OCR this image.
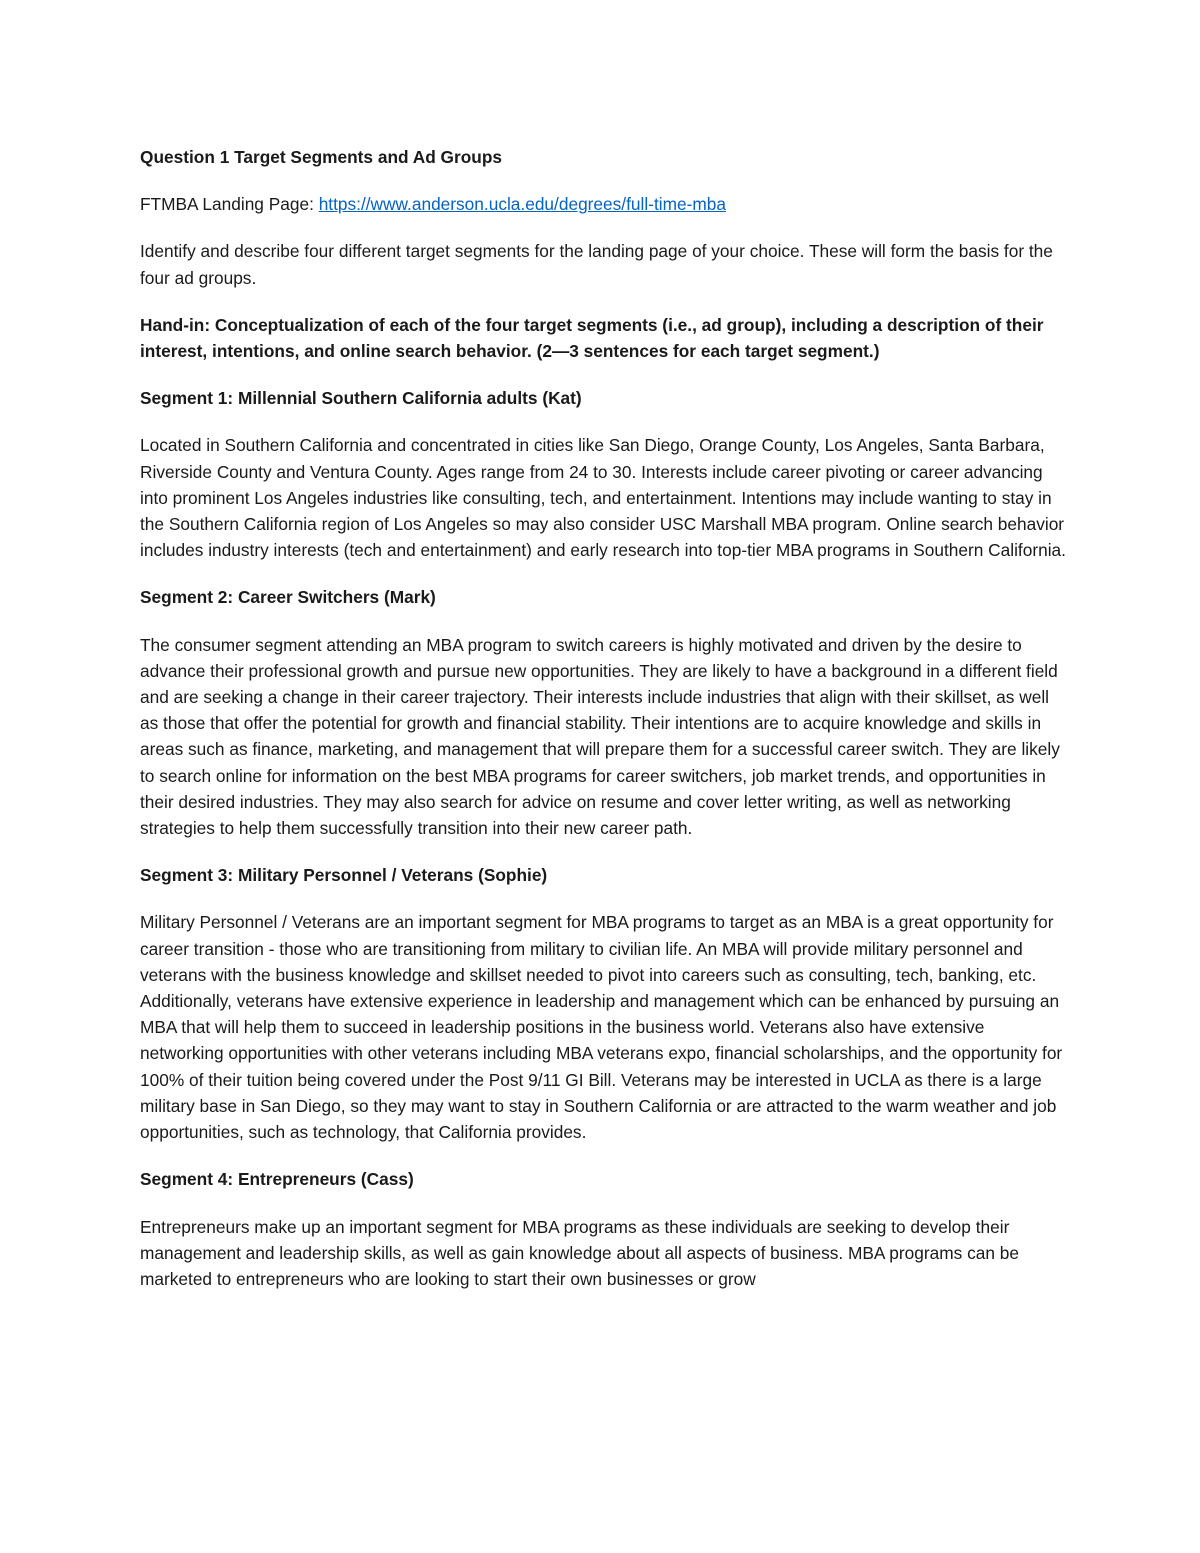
Question 1 Target Segments and Ad Groups

FTMBA Landing Page: https://www.anderson.ucla.edu/degrees/full-time-mba

Identify and describe four different target segments for the landing page of your choice. These will form the basis for the four ad groups.

Hand-in: Conceptualization of each of the four target segments (i.e., ad group), including a description of their interest, intentions, and online search behavior. (2—3 sentences for each target segment.)

Segment 1: Millennial Southern California adults (Kat)

Located in Southern California and concentrated in cities like San Diego, Orange County, Los Angeles, Santa Barbara, Riverside County and Ventura County. Ages range from 24 to 30. Interests include career pivoting or career advancing into prominent Los Angeles industries like consulting, tech, and entertainment. Intentions may include wanting to stay in the Southern California region of Los Angeles so may also consider USC Marshall MBA program. Online search behavior includes industry interests (tech and entertainment) and early research into top-tier MBA programs in Southern California.

Segment 2: Career Switchers (Mark)

The consumer segment attending an MBA program to switch careers is highly motivated and driven by the desire to advance their professional growth and pursue new opportunities. They are likely to have a background in a different field and are seeking a change in their career trajectory. Their interests include industries that align with their skillset, as well as those that offer the potential for growth and financial stability. Their intentions are to acquire knowledge and skills in areas such as finance, marketing, and management that will prepare them for a successful career switch. They are likely to search online for information on the best MBA programs for career switchers, job market trends, and opportunities in their desired industries. They may also search for advice on resume and cover letter writing, as well as networking strategies to help them successfully transition into their new career path.

Segment 3: Military Personnel / Veterans (Sophie)

Military Personnel / Veterans are an important segment for MBA programs to target as an MBA is a great opportunity for career transition - those who are transitioning from military to civilian life. An MBA will provide military personnel and veterans with the business knowledge and skillset needed to pivot into careers such as consulting, tech, banking, etc. Additionally, veterans have extensive experience in leadership and management which can be enhanced by pursuing an MBA that will help them to succeed in leadership positions in the business world. Veterans also have extensive networking opportunities with other veterans including MBA veterans expo, financial scholarships, and the opportunity for 100% of their tuition being covered under the Post 9/11 GI Bill. Veterans may be interested in UCLA as there is a large military base in San Diego, so they may want to stay in Southern California or are attracted to the warm weather and job opportunities, such as technology, that California provides.

Segment 4: Entrepreneurs (Cass)

Entrepreneurs make up an important segment for MBA programs as these individuals are seeking to develop their management and leadership skills, as well as gain knowledge about all aspects of business. MBA programs can be marketed to entrepreneurs who are looking to start their own businesses or grow
